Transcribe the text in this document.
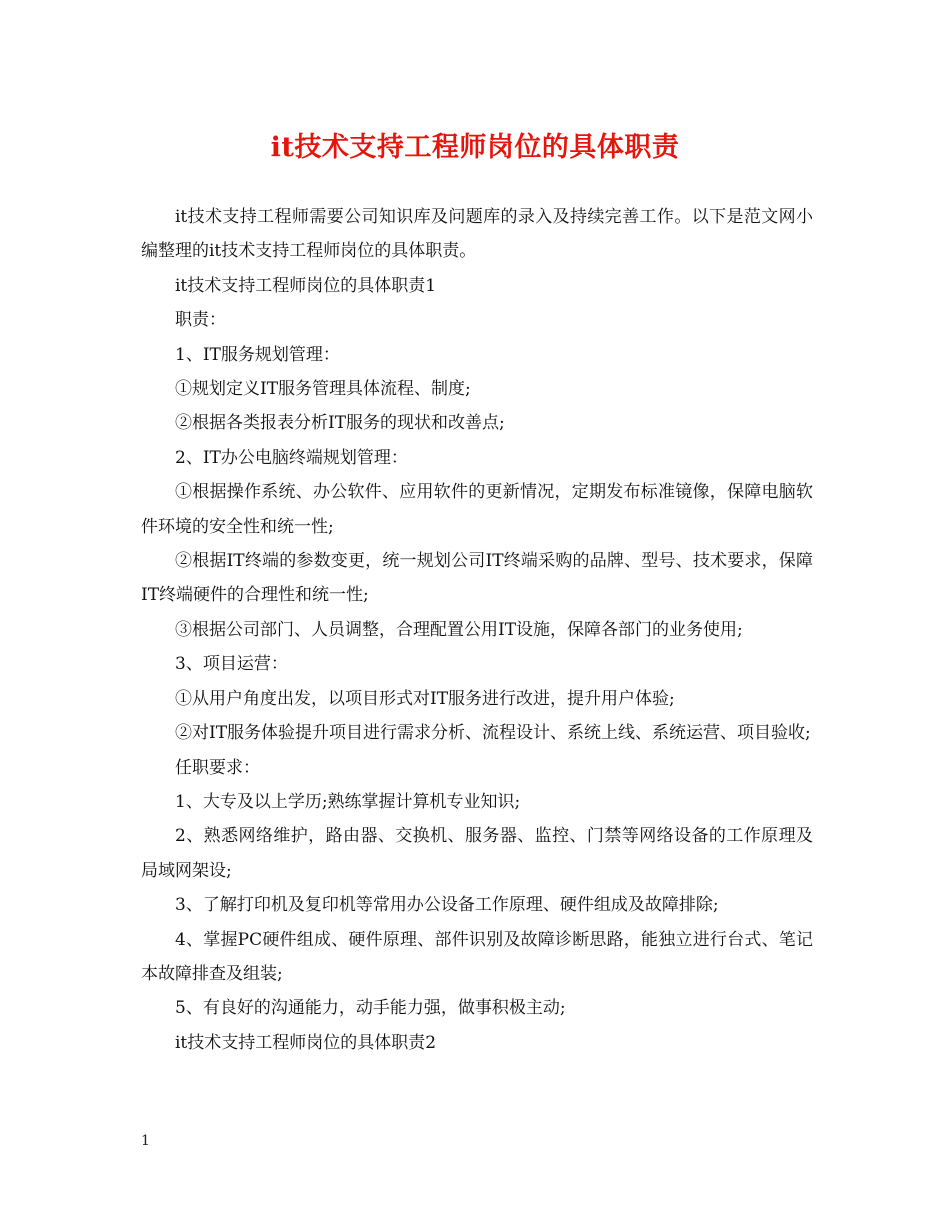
it技术支持工程师岗位的具体职责

it技术支持工程师需要公司知识库及问题库的录入及持续完善工作。以下是范文网小编整理的it技术支持工程师岗位的具体职责。

it技术支持工程师岗位的具体职责1

职责：

1、IT服务规划管理：

①规划定义IT服务管理具体流程、制度;

②根据各类报表分析IT服务的现状和改善点;

2、IT办公电脑终端规划管理：

①根据操作系统、办公软件、应用软件的更新情况，定期发布标准镜像，保障电脑软件环境的安全性和统一性;

②根据IT终端的参数变更，统一规划公司IT终端采购的品牌、型号、技术要求，保障IT终端硬件的合理性和统一性;

③根据公司部门、人员调整，合理配置公用IT设施，保障各部门的业务使用;

3、项目运营：

①从用户角度出发，以项目形式对IT服务进行改进，提升用户体验;

②对IT服务体验提升项目进行需求分析、流程设计、系统上线、系统运营、项目验收;

任职要求：

1、大专及以上学历;熟练掌握计算机专业知识;

2、熟悉网络维护，路由器、交换机、服务器、监控、门禁等网络设备的工作原理及局域网架设;

3、了解打印机及复印机等常用办公设备工作原理、硬件组成及故障排除;

4、掌握PC硬件组成、硬件原理、部件识别及故障诊断思路，能独立进行台式、笔记本故障排查及组装;

5、有良好的沟通能力，动手能力强，做事积极主动;

it技术支持工程师岗位的具体职责2

1
